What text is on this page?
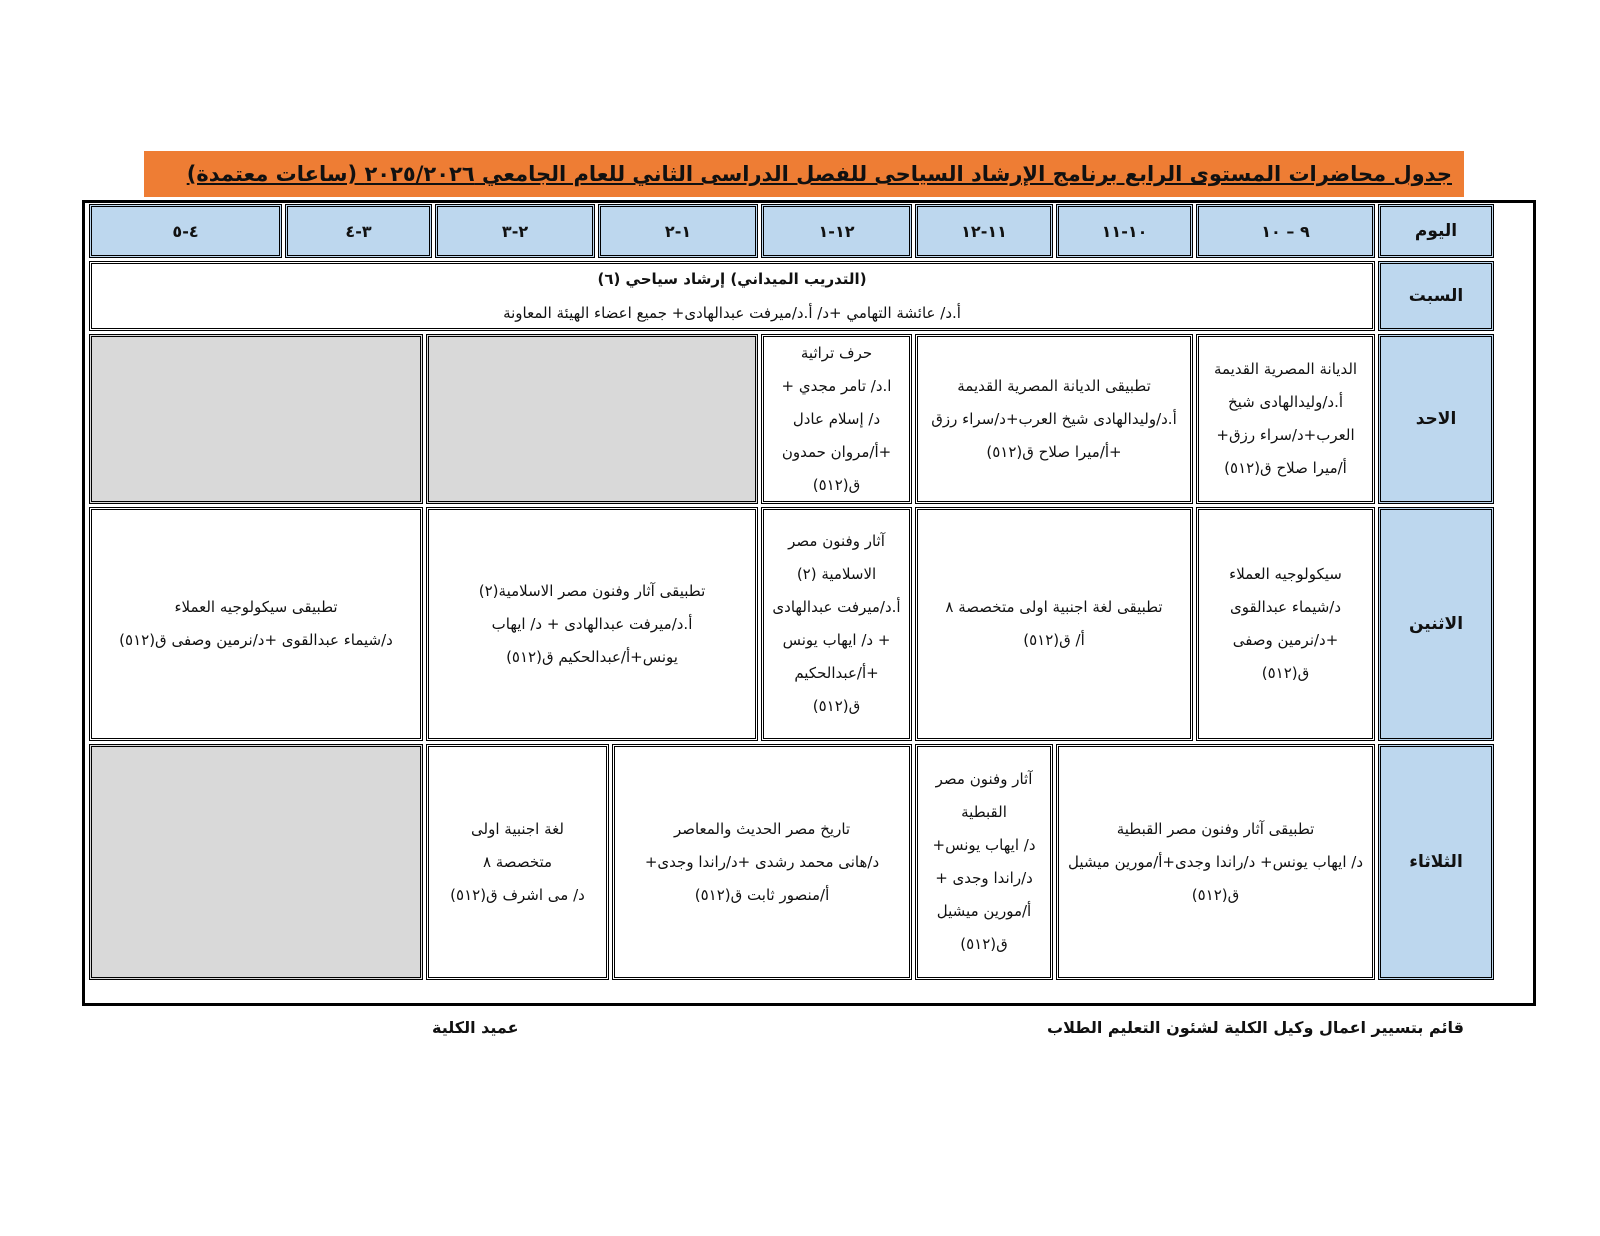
جدول محاضرات المستوى الرابع برنامج الإرشاد السياحى للفصل الدراسى الثاني للعام الجامعي ٢٠٢٥/٢٠٢٦ (ساعات معتمدة)
اليوم
٩ – ١٠
١٠-١١
١١-١٢
١٢-١
١-٢
٢-٣
٣-٤
٤-٥
السبت
(التدريب الميداني) إرشاد سياحي (٦)
أ.د/ عائشة التهامي +د/ أ.د/ميرفت عبدالهادى+ جميع اعضاء الهيئة المعاونة
الاحد
الديانة المصرية القديمة
أ.د/وليدالهادى شيخ
العرب+د/سراء رزق+
أ/ميرا صلاح ق(٥١٢)
تطبيقى الديانة المصرية القديمة
أ.د/وليدالهادى شيخ العرب+د/سراء رزق
+أ/ميرا صلاح ق(٥١٢)
حرف تراثية
ا.د/ تامر مجدي +
د/ إسلام عادل
+أ/مروان حمدون
ق(٥١٢)
الاثنين
سيكولوجيه العملاء
د/شيماء عبدالقوى
+د/نرمين وصفى
ق(٥١٢)
تطبيقى لغة اجنبية اولى متخصصة ٨
أ/ ق(٥١٢)
آثار وفنون مصر
الاسلامية (٢)
أ.د/ميرفت عبدالهادى
+ د/ ايهاب يونس
+أ/عبدالحكيم
ق(٥١٢)
تطبيقى آثار وفنون مصر الاسلامية(٢)
أ.د/ميرفت عبدالهادى + د/ ايهاب
يونس+أ/عبدالحكيم ق(٥١٢)
تطبيقى سيكولوجيه العملاء
د/شيماء عبدالقوى +د/نرمين وصفى ق(٥١٢)
الثلاثاء
تطبيقى آثار وفنون مصر القبطية
د/ ايهاب يونس+ د/راندا وجدى+أ/مورين ميشيل
ق(٥١٢)
آثار وفنون مصر
القبطية
د/ ايهاب يونس+
د/راندا وجدى +
أ/مورين ميشيل
ق(٥١٢)
تاريخ مصر الحديث والمعاصر
د/هانى محمد رشدى +د/راندا وجدى+
أ/منصور ثابت ق(٥١٢)
لغة اجنبية اولى
متخصصة ٨
د/ مى اشرف ق(٥١٢)
قائم بتسيير اعمال وكيل الكلية لشئون التعليم الطلاب
عميد الكلية
